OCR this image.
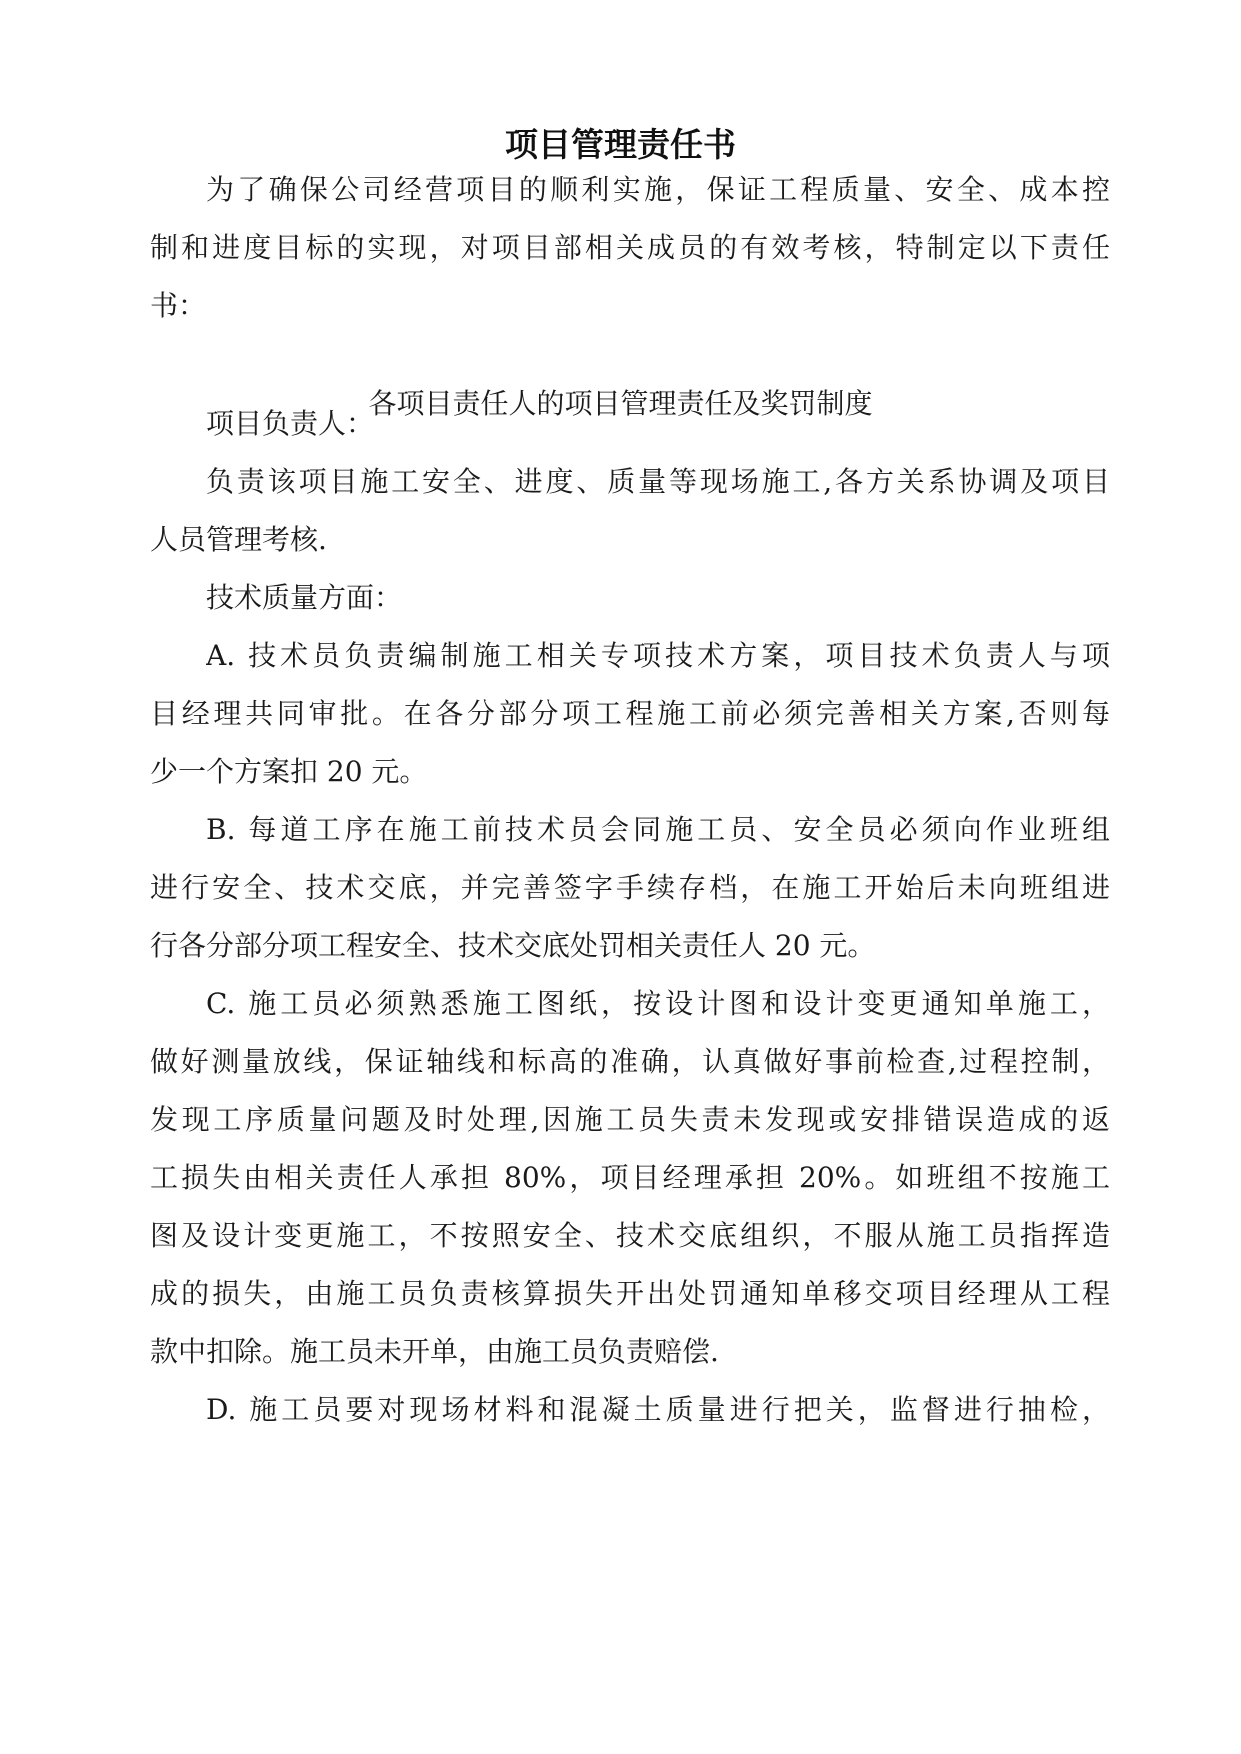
项目管理责任书
为了确保公司经营项目的顺利实施，保证工程质量、安全、成本控
制和进度目标的实现，对项目部相关成员的有效考核，特制定以下责任
书：
各项目责任人的项目管理责任及奖罚制度
项目负责人：
负责该项目施工安全、进度、质量等现场施工,各方关系协调及项目
人员管理考核.
技术质量方面：
A. 技术员负责编制施工相关专项技术方案，项目技术负责人与项
目经理共同审批。在各分部分项工程施工前必须完善相关方案,否则每
少一个方案扣 20 元。
B. 每道工序在施工前技术员会同施工员、安全员必须向作业班组
进行安全、技术交底，并完善签字手续存档，在施工开始后未向班组进
行各分部分项工程安全、技术交底处罚相关责任人 20 元。
C. 施工员必须熟悉施工图纸，按设计图和设计变更通知单施工，
做好测量放线，保证轴线和标高的准确，认真做好事前检查,过程控制，
发现工序质量问题及时处理,因施工员失责未发现或安排错误造成的返
工损失由相关责任人承担 80%，项目经理承担 20%。如班组不按施工
图及设计变更施工，不按照安全、技术交底组织，不服从施工员指挥造
成的损失，由施工员负责核算损失开出处罚通知单移交项目经理从工程
款中扣除。施工员未开单，由施工员负责赔偿.
D. 施工员要对现场材料和混凝土质量进行把关，监督进行抽检，
